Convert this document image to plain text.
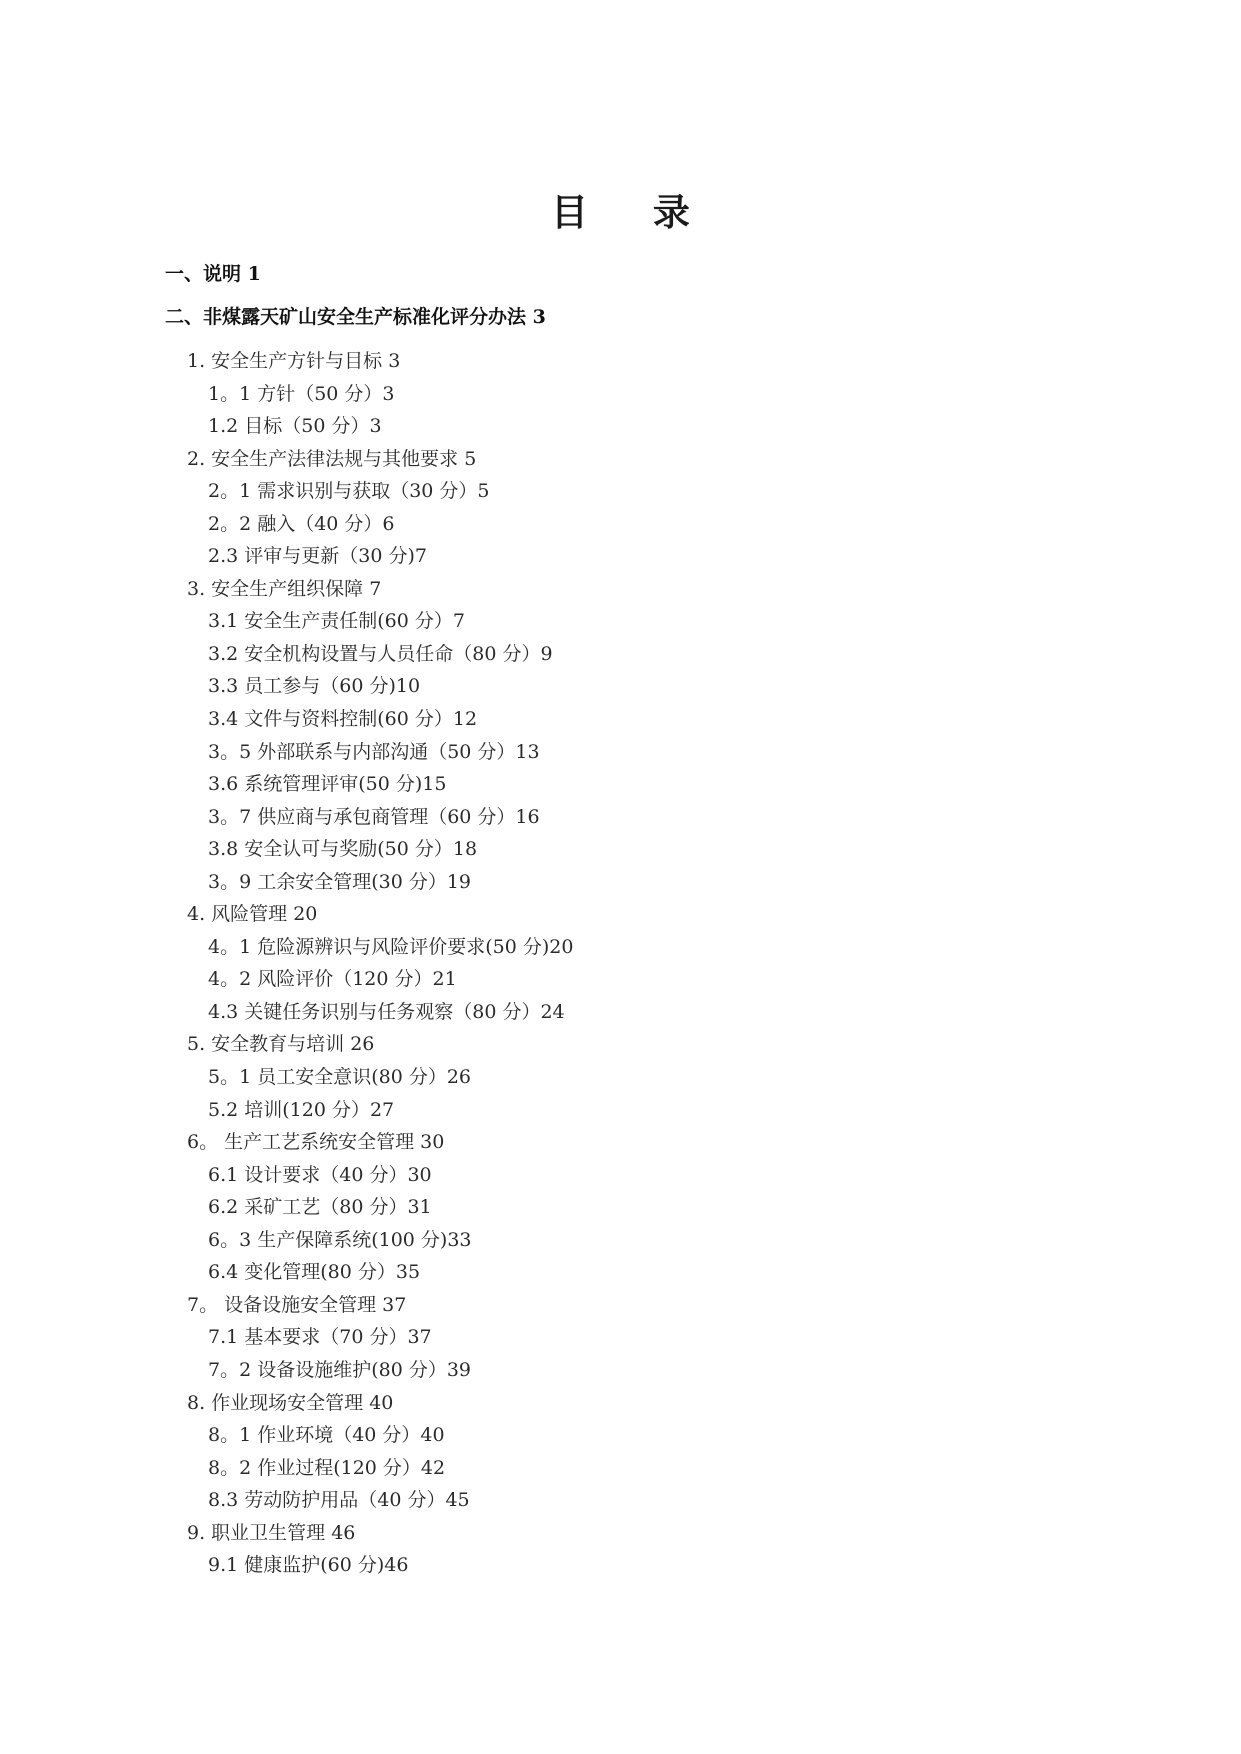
目 录
一、说明 1
二、非煤露天矿山安全生产标准化评分办法 3
1. 安全生产方针与目标 3
1。1 方针（50 分）3
1.2 目标（50 分）3
2. 安全生产法律法规与其他要求 5
2。1 需求识别与获取（30 分）5
2。2 融入（40 分）6
2.3 评审与更新（30 分)7
3. 安全生产组织保障 7
3.1 安全生产责任制(60 分）7
3.2 安全机构设置与人员任命（80 分）9
3.3 员工参与（60 分)10
3.4 文件与资料控制(60 分）12
3。5 外部联系与内部沟通（50 分）13
3.6 系统管理评审(50 分)15
3。7 供应商与承包商管理（60 分）16
3.8 安全认可与奖励(50 分）18
3。9 工余安全管理(30 分）19
4. 风险管理 20
4。1 危险源辨识与风险评价要求(50 分)20
4。2 风险评价（120 分）21
4.3 关键任务识别与任务观察（80 分）24
5. 安全教育与培训 26
5。1 员工安全意识(80 分）26
5.2 培训(120 分）27
6。 生产工艺系统安全管理 30
6.1 设计要求（40 分）30
6.2 采矿工艺（80 分）31
6。3 生产保障系统(100 分)33
6.4 变化管理(80 分）35
7。 设备设施安全管理 37
7.1 基本要求（70 分）37
7。2 设备设施维护(80 分）39
8. 作业现场安全管理 40
8。1 作业环境（40 分）40
8。2 作业过程(120 分）42
8.3 劳动防护用品（40 分）45
9. 职业卫生管理 46
9.1 健康监护(60 分)46
